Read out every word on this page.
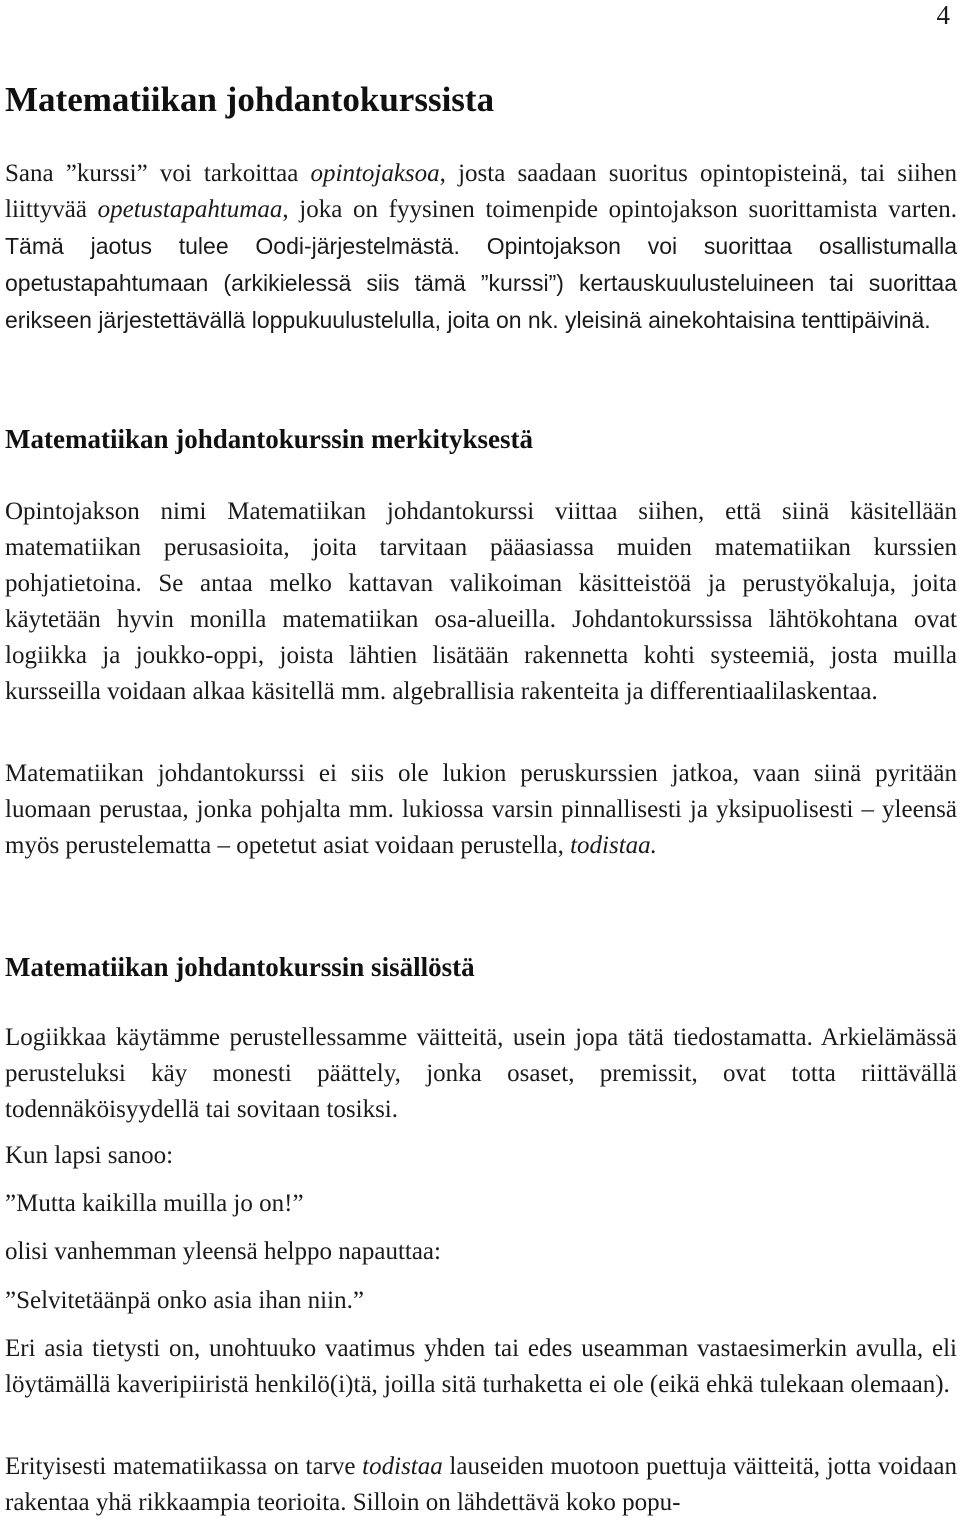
4
Matematiikan johdantokurssista

Sana ”kurssi” voi tarkoittaa opintojaksoa, josta saadaan suoritus opintopisteinä, tai siihen liittyvää opetustapahtumaa, joka on fyysinen toimenpide opintojakson suorittamista varten. Tämä jaotus tulee Oodi-järjestelmästä. Opintojakson voi suorittaa osallistumalla opetustapahtumaan (arkikielessä siis tämä ”kurssi”) kertauskuulusteluineen tai suorittaa erikseen järjestettävällä loppukuulustelulla, joita on nk. yleisinä ainekohtaisina tenttipäivinä.

Matematiikan johdantokurssin merkityksestä

Opintojakson nimi Matematiikan johdantokurssi viittaa siihen, että siinä käsitellään matematiikan perusasioita, joita tarvitaan pääasiassa muiden matematiikan kurssien pohjatietoina. Se antaa melko kattavan valikoiman käsitteistöä ja perustyökaluja, joita käytetään hyvin monilla matematiikan osa-alueilla. Johdantokurssissa lähtökohtana ovat logiikka ja joukko-oppi, joista lähtien lisätään rakennetta kohti systeemiä, josta muilla kursseilla voidaan alkaa käsitellä mm. algebrallisia rakenteita ja differentiaalilaskentaa.

Matematiikan johdantokurssi ei siis ole lukion peruskurssien jatkoa, vaan siinä pyritään luomaan perustaa, jonka pohjalta mm. lukiossa varsin pinnallisesti ja yksipuolisesti – yleensä myös perustelematta – opetetut asiat voidaan perustella, todistaa.

Matematiikan johdantokurssin sisällöstä

Logiikkaa käytämme perustellessamme väitteitä, usein jopa tätä tiedostamatta. Arkielämässä perusteluksi käy monesti päättely, jonka osaset, premissit, ovat totta riittävällä todennäköisyydellä tai sovitaan tosiksi.

Kun lapsi sanoo:

”Mutta kaikilla muilla jo on!”

olisi vanhemman yleensä helppo napauttaa:

”Selvitetäänpä onko asia ihan niin.”

Eri asia tietysti on, unohtuuko vaatimus yhden tai edes useamman vastaesimerkin avulla, eli löytämällä kaveripiiristä henkilö(i)tä, joilla sitä turhaketta ei ole (eikä ehkä tulekaan olemaan).

Erityisesti matematiikassa on tarve todistaa lauseiden muotoon puettuja väitteitä, jotta voidaan rakentaa yhä rikkaampia teorioita. Silloin on lähdettävä koko popu-
